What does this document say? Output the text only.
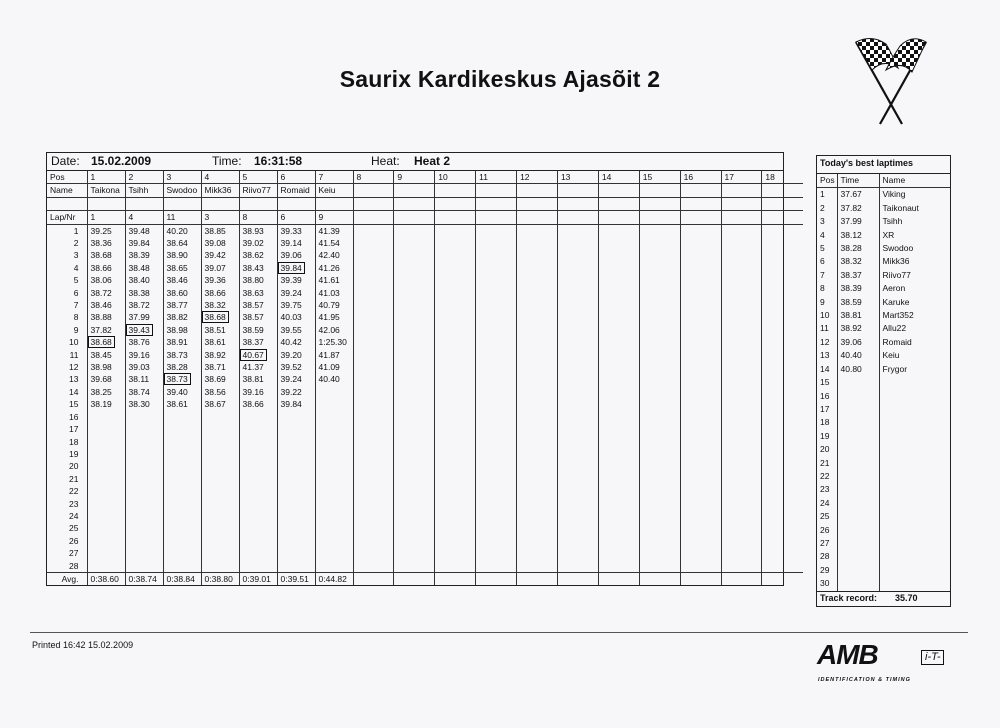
Saurix Kardikeskus Ajasõit 2
Date: 15.02.2009	Time: 16:31:58	Heat: Heat 2
Pos	1	2	3	4	5	6	7	8	9	10	11	12	13	14	15	16	17	18
Name	Taikona	Tsihh	Swodoo	Mikk36	Riivo77	Romaid	Keiu											

Lap/Nr	1	4	11	3	8	6	9											
1	39.25	39.48	40.20	38.85	38.93	39.33	41.39											
2	38.36	39.84	38.64	39.08	39.02	39.14	41.54											
3	38.68	38.39	38.90	39.42	38.62	39.06	42.40											
4	38.66	38.48	38.65	39.07	38.43	39.84	41.26											
5	38.06	38.40	38.46	39.36	38.80	39.39	41.61											
6	38.72	38.38	38.60	38.66	38.63	39.24	41.03											
7	38.46	38.72	38.77	38.32	38.57	39.75	40.79											
8	38.88	37.99	38.82	38.68	38.57	40.03	41.95											
9	37.82	39.43	38.98	38.51	38.59	39.55	42.06											
10	38.68	38.76	38.91	38.61	38.37	40.42	1:25.30											
11	38.45	39.16	38.73	38.92	40.67	39.20	41.87											
12	38.98	39.03	38.28	38.71	41.37	39.52	41.09											
13	39.68	38.11	38.73	38.69	38.81	39.24	40.40											
14	38.25	38.74	39.40	38.56	39.16	39.22												
15	38.19	38.30	38.61	38.67	38.66	39.84												
16																		
17																		
18																		
19																		
20																		
21																		
22																		
23																		
24																		
25																		
26																		
27																		
28																		
Avg.	0:38.60	0:38.74	0:38.84	0:38.80	0:39.01	0:39.51	0:44.82											
Today's best laptimes
Pos	Time	Name
1	37.67	Viking
2	37.82	Taikonaut
3	37.99	Tsihh
4	38.12	XR
5	38.28	Swodoo
6	38.32	Mikk36
7	38.37	Riivo77
8	38.39	Aeron
9	38.59	Karuke
10	38.81	Mart352
11	38.92	Allu22
12	39.06	Romaid
13	40.40	Keiu
14	40.80	Frygor
15		
16		
17		
18		
19		
20		
21		
22		
23		
24		
25		
26		
27		
28		
29		
30		
Track record: 35.70
Printed 16:42 15.02.2009	AMB	i-T-
IDENTIFICATION & TIMING
